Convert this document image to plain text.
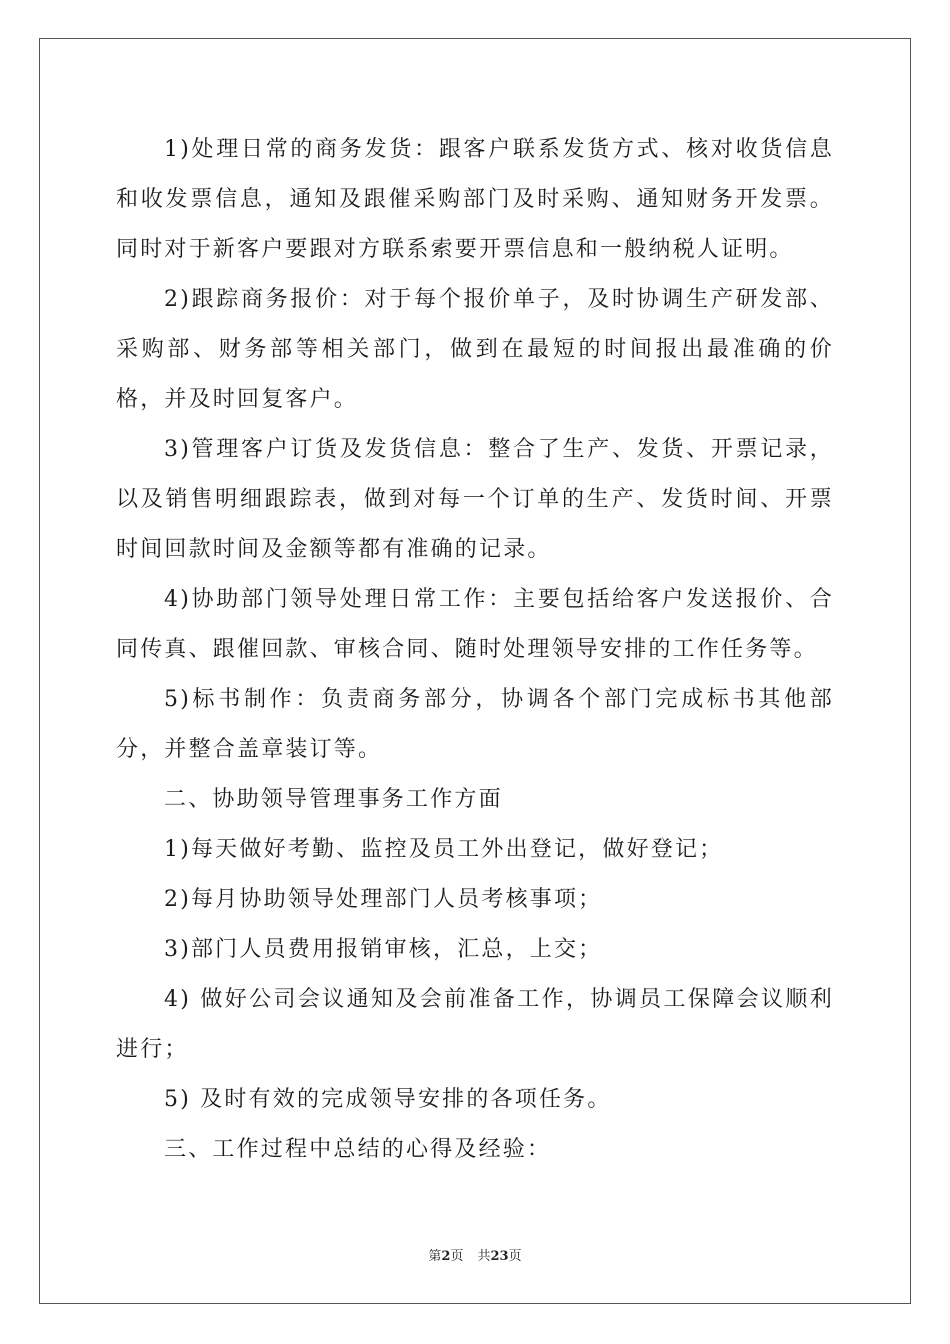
1)处理日常的商务发货：跟客户联系发货方式、核对收货信息和收发票信息，通知及跟催采购部门及时采购、通知财务开发票。同时对于新客户要跟对方联系索要开票信息和一般纳税人证明。

2)跟踪商务报价：对于每个报价单子，及时协调生产研发部、采购部、财务部等相关部门，做到在最短的时间报出最准确的价格，并及时回复客户。

3)管理客户订货及发货信息：整合了生产、发货、开票记录，以及销售明细跟踪表，做到对每一个订单的生产、发货时间、开票时间回款时间及金额等都有准确的记录。

4)协助部门领导处理日常工作：主要包括给客户发送报价、合同传真、跟催回款、审核合同、随时处理领导安排的工作任务等。

5)标书制作：负责商务部分，协调各个部门完成标书其他部分，并整合盖章装订等。

二、协助领导管理事务工作方面

1)每天做好考勤、监控及员工外出登记，做好登记；

2)每月协助领导处理部门人员考核事项；

3)部门人员费用报销审核，汇总，上交；

4) 做好公司会议通知及会前准备工作，协调员工保障会议顺利进行；

5) 及时有效的完成领导安排的各项任务。

三、工作过程中总结的心得及经验：

第2页 共23页
